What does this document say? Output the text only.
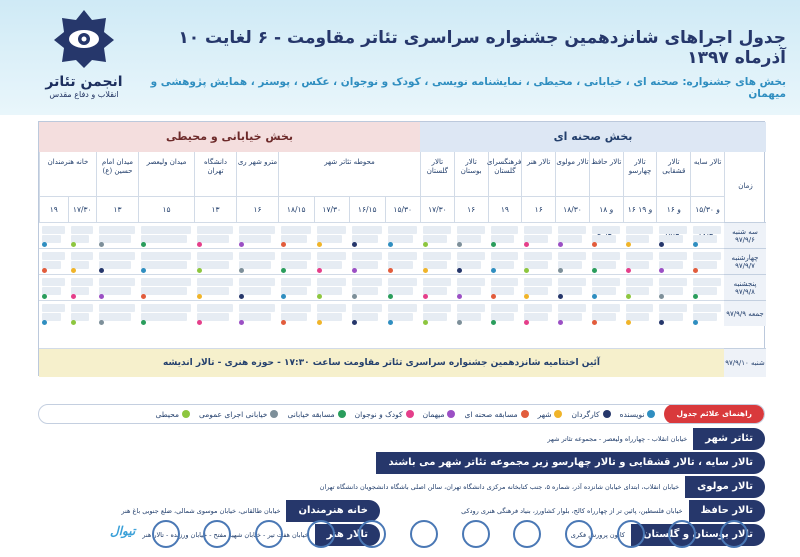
انجمن تئاتر
انقلاب و دفاع مقدس
جدول اجراهای شانزدهمین جشنواره سراسری تئاتر مقاومت - ۶ لغایت ۱۰ آذرماه ۱۳۹۷
بخش های جشنواره: صحنه ای ، خیابانی ، محیطی ، نمایشنامه نویسی ، کودک و نوجوان ، عکس ، پوستر ، همایش پژوهشی و میهمان
بخش خیابانی و محیطی	بخش صحنه ای
آئین اختتامیه شانزدهمین جشنواره سراسری تئاتر مقاومت ساعت ۱۷:۳۰ - حوزه هنری - تالار اندیشه
تالار سایه
۱۵/۳۰ و
تالار قشقایی
۱۶ و
تالار چهارسو
۱۶ و ۱۹
تالار حافظ
۱۸ و
تالار مولوی
۱۸/۳۰
تالار هنر
۱۶
فرهنگسرای گلستان
۱۹
تالار بوستان
۱۶
تالار گلستان
۱۷/۳۰
محوطه تئاتر شهر
مترو شهر ری
دانشگاه تهران
میدان ولیعصر
میدان امام حسین (ع)
خانه هنرمندان
۱۵/۳۰
۱۶/۱۵
۱۷/۳۰
۱۸/۱۵
۱۶
۱۳
۱۵
۱۳
۱۷/۳۰
۱۹
زمان
سه شنبه ۹۷/۹/۶
چهارشنبه ۹۷/۹/۷
پنجشنبه ۹۷/۹/۸
جمعه ۹۷/۹/۹
شنبه ۹۷/۹/۱۰
راهنمای علائم جدول
نویسنده
کارگردان
شهر
مسابقه صحنه ای
میهمان
کودک و نوجوان
مسابقه خیابانی
خیابانی اجرای عمومی
محیطی
تئاتر شهر
خیابان انقلاب - چهارراه ولیعصر - مجموعه تئاتر شهر
تالار سایه ، تالار قشقایی و تالار چهارسو زیر مجموعه تئاتر شهر می باشند
تالار مولوی
خیابان انقلاب، ابتدای خیابان شانزده آذر، شماره ۵، جنب کتابخانه مرکزی دانشگاه تهران، سالن اصلی باشگاه دانشجویان دانشگاه تهران
تالار حافظ
خیابان فلسطین، پائین تر از چهارراه کالج، بلوار کشاورز، بنیاد فرهنگی هنری رودکی
خانه هنرمندان
خیابان طالقانی، خیابان موسوی شمالی، ضلع جنوبی باغ هنر
تالار هنر
خیابان هفت تیر - خیابان شهید مفتح - خیابان ورزنده - تالار هنر	تالار بوستان و گلستان
کانون پرورش فکری
تیوال
